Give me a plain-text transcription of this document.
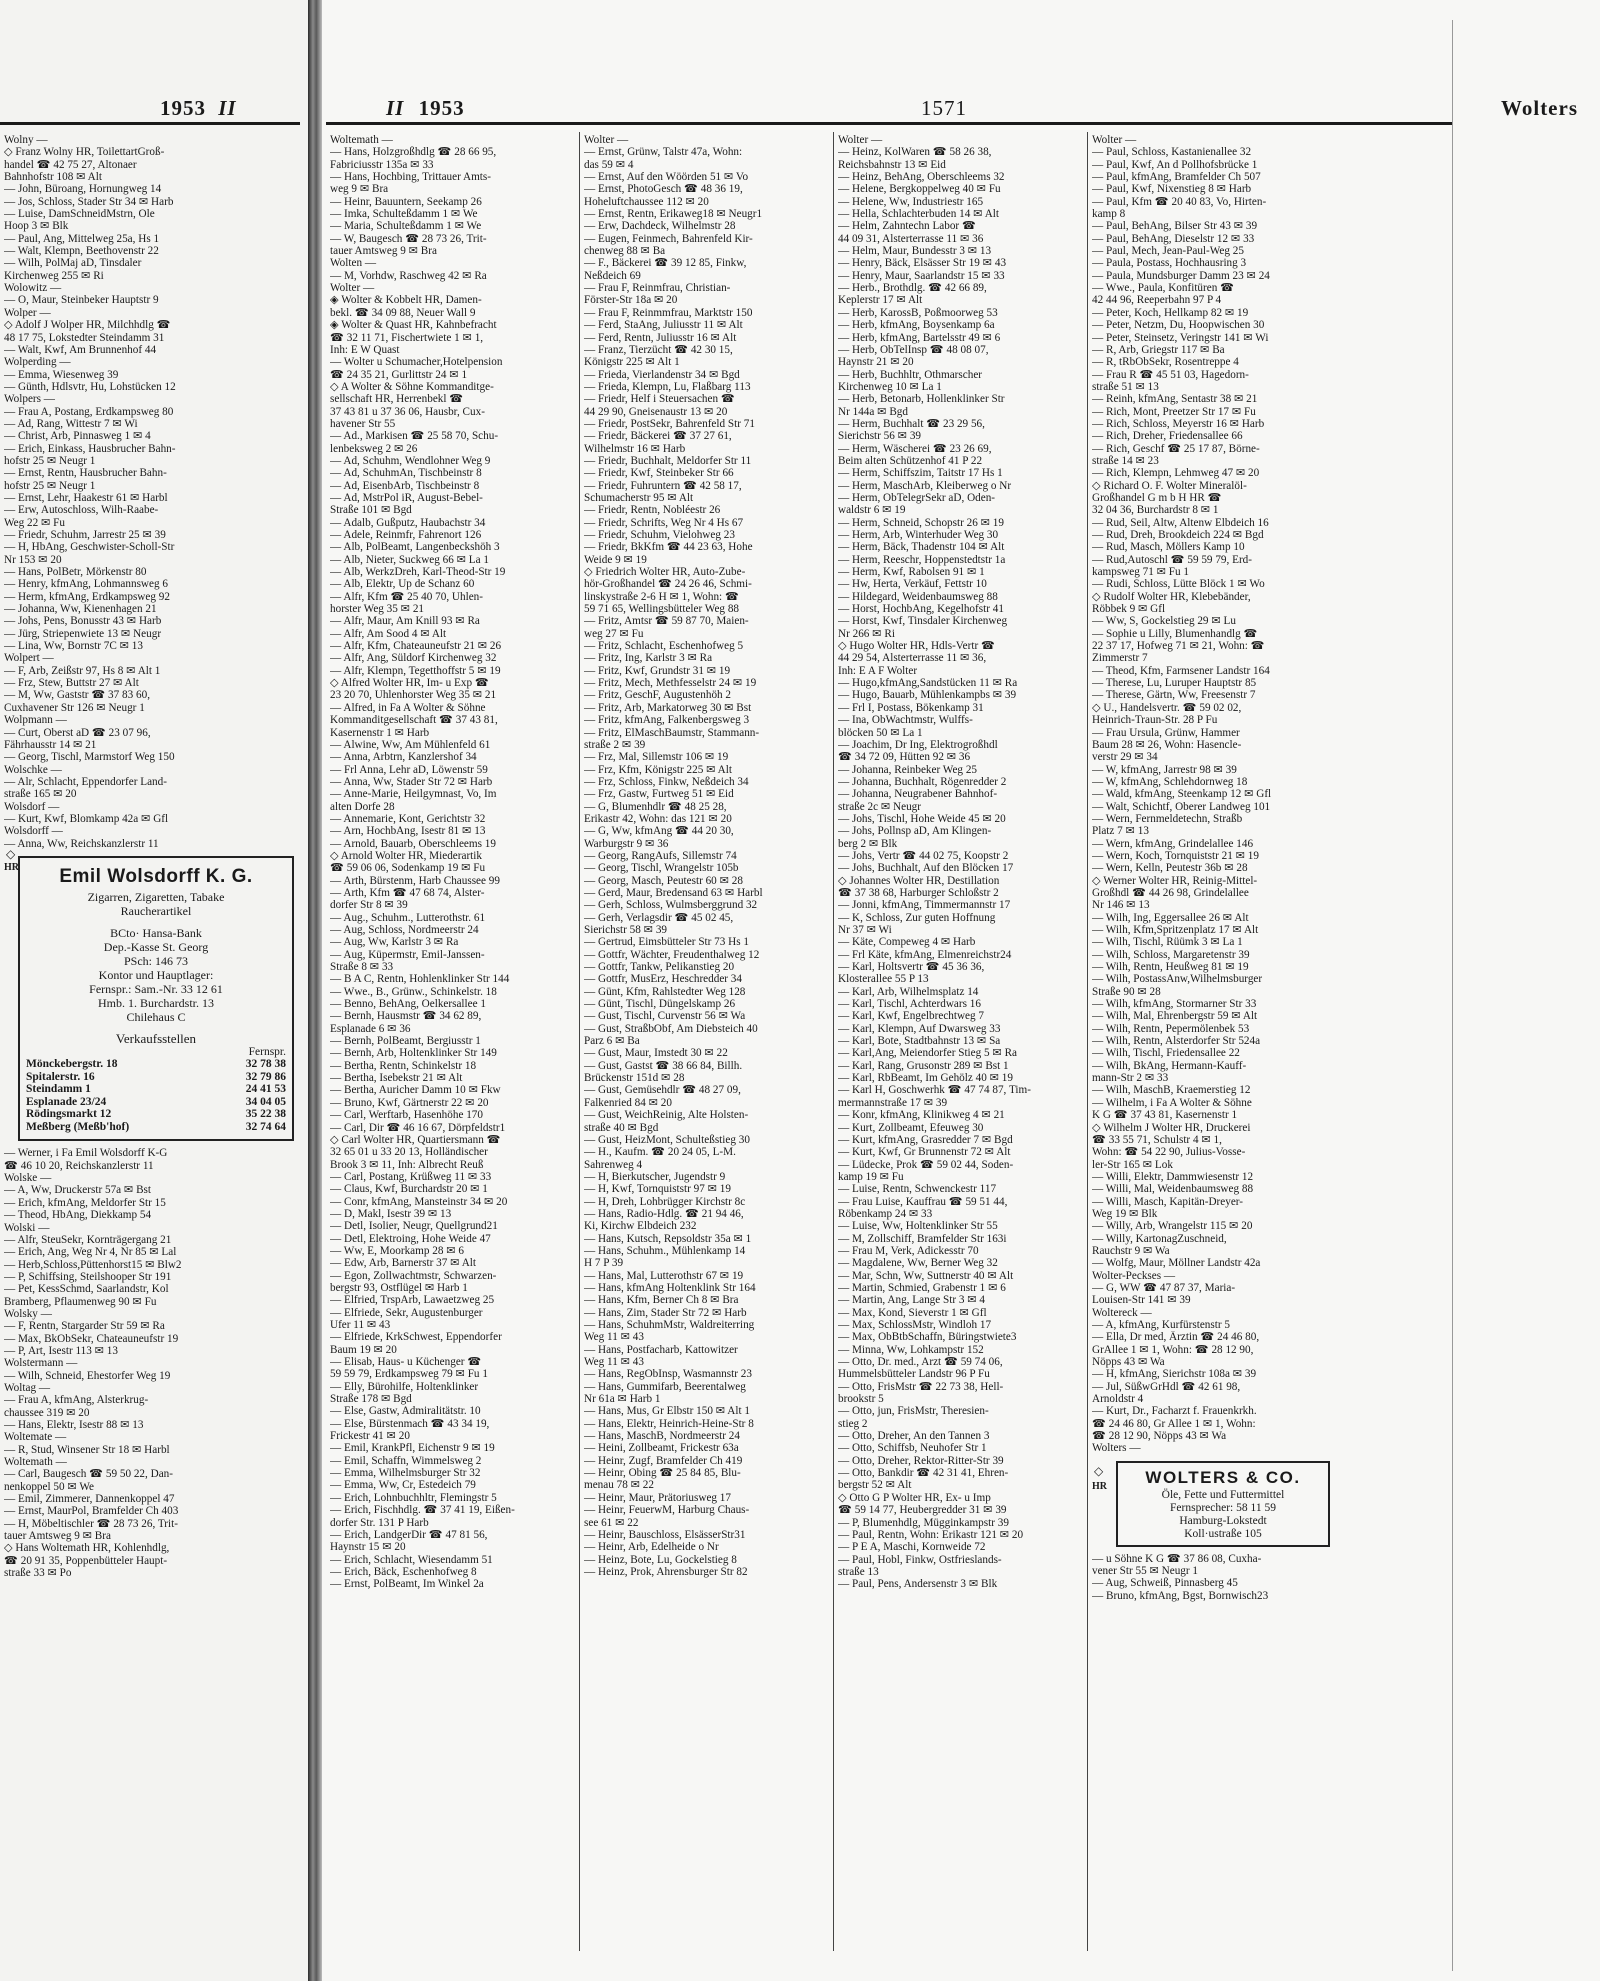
1953 II
Wolny —
◇ Franz Wolny HR, ToilettartGroß-
handel ☎ 42 75 27, Altonaer
Bahnhofstr 108 ✉ Alt
— John, Büroang, Hornungweg 14
— Jos, Schloss, Stader Str 34 ✉ Harb
— Luise, DamSchneidMstrn, Ole
Hoop 3 ✉ Blk
— Paul, Ang, Mittelweg 25a, Hs 1
— Walt, Klempn, Beethovenstr 22
— Wilh, PolMaj aD, Tinsdaler
Kirchenweg 255 ✉ Ri
Wolowitz —
— O, Maur, Steinbeker Hauptstr 9
Wolper —
◇ Adolf J Wolper HR, Milchhdlg ☎
48 17 75, Lokstedter Steindamm 31
— Walt, Kwf, Am Brunnenhof 44
Wolperding —
— Emma, Wiesenweg 39
— Günth, Hdlsvtr, Hu, Lohstücken 12
Wolpers —
— Frau A, Postang, Erdkampsweg 80
— Ad, Rang, Wittestr 7 ✉ Wi
— Christ, Arb, Pinnasweg 1 ✉ 4
— Erich, Einkass, Hausbrucher Bahn-
hofstr 25 ✉ Neugr 1
— Ernst, Rentn, Hausbrucher Bahn-
hofstr 25 ✉ Neugr 1
— Ernst, Lehr, Haakestr 61 ✉ Harbl
— Erw, Autoschloss, Wilh-Raabe-
Weg 22 ✉ Fu
— Friedr, Schuhm, Jarrestr 25 ✉ 39
— H, HbAng, Geschwister-Scholl-Str
Nr 153 ✉ 20
— Hans, PolBetr, Mörkenstr 80
— Henry, kfmAng, Lohmannsweg 6
— Herm, kfmAng, Erdkampsweg 92
— Johanna, Ww, Kienenhagen 21
— Johs, Pens, Bonusstr 43 ✉ Harb
— Jürg, Striepenwiete 13 ✉ Neugr
— Lina, Ww, Bornstr 7C ✉ 13
Wolpert —
— F, Arb, Zeißstr 97, Hs 8 ✉ Alt 1
— Frz, Stew, Buttstr 27 ✉ Alt
— M, Ww, Gaststr ☎ 37 83 60,
Cuxhavener Str 126 ✉ Neugr 1
Wolpmann —
— Curt, Oberst aD ☎ 23 07 96,
Fährhausstr 14 ✉ 21
— Georg, Tischl, Marmstorf Weg 150
Wolschke —
— Alr, Schlacht, Eppendorfer Land-
straße 165 ✉ 20
Wolsdorf —
— Kurt, Kwf, Blomkamp 42a ✉ Gfl
Wolsdorff —
— Anna, Ww, Reichskanzlerstr 11
HR
◇
Emil Wolsdorff K. G.
Zigarren, Zigaretten, Tabake
Raucherartikel
BCto· Hansa-Bank
Dep.-Kasse St. Georg
PSch: 146 73
Kontor und Hauptlager:
Fernspr.: Sam.-Nr. 33 12 61
Hmb. 1. Burchardstr. 13
Chilehaus C
Verkaufsstellen
	Fernspr.
Mönckebergstr. 18	32 78 38
Spitalerstr. 16	32 79 86
Steindamm 1	24 41 53
Esplanade 23/24	34 04 05
Rödingsmarkt 12	35 22 38
Meßberg (Meßb'hof)	32 74 64
— Werner, i Fa Emil Wolsdorff K-G
☎ 46 10 20, Reichskanzlerstr 11
Wolske —
— A, Ww, Druckerstr 57a ✉ Bst
— Erich, kfmAng, Meldorfer Str 15
— Theod, HbAng, Diekkamp 54
Wolski —
— Alfr, SteuSekr, Kornträgergang 21
— Erich, Ang, Weg Nr 4, Nr 85 ✉ Lal
— Herb,Schloss,Püttenhorst15 ✉ Blw2
— P, Schiffsing, Steilshooper Str 191
— Pet, KessSchmd, Saarlandstr, Kol
Bramberg, Pflaumenweg 90 ✉ Fu
Wolsky —
— F, Rentn, Stargarder Str 59 ✉ Ra
— Max, BkObSekr, Chateauneufstr 19
— P, Art, Isestr 113 ✉ 13
Wolstermann —
— Wilh, Schneid, Ehestorfer Weg 19
Woltag —
— Frau A, kfmAng, Alsterkrug-
chaussee 319 ✉ 20
— Hans, Elektr, Isestr 88 ✉ 13
Woltemate —
— R, Stud, Winsener Str 18 ✉ Harbl
Woltemath —
— Carl, Baugesch ☎ 59 50 22, Dan-
nenkoppel 50 ✉ We
— Emil, Zimmerer, Dannenkoppel 47
— Ernst, MaurPol, Bramfelder Ch 403
— H, Möbeltischler ☎ 28 73 26, Trit-
tauer Amtsweg 9 ✉ Bra
◇ Hans Woltemath HR, Kohlenhdlg,
☎ 20 91 35, Poppenbütteler Haupt-
straße 33 ✉ Po
II 1953	1571	Wolters
Woltemath —
— Hans, Holzgroßhdlg ☎ 28 66 95,
Fabriciusstr 135a ✉ 33
— Hans, Hochbing, Trittauer Amts-
weg 9 ✉ Bra
— Heinr, Bauuntern, Seekamp 26
— Imka, Schulteßdamm 1 ✉ We
— Maria, Schulteßdamm 1 ✉ We
— W, Baugesch ☎ 28 73 26, Trit-
tauer Amtsweg 9 ✉ Bra
Wolten —
— M, Vorhdw, Raschweg 42 ✉ Ra
Wolter —
◈ Wolter & Kobbelt HR, Damen-
bekl. ☎ 34 09 88, Neuer Wall 9
◈ Wolter & Quast HR, Kahnbefracht
☎ 32 11 71, Fischertwiete 1 ✉ 1,
Inh: E W Quast
— Wolter u Schumacher,Hotelpension
☎ 24 35 21, Gurlittstr 24 ✉ 1
◇ A Wolter & Söhne Kommanditge-
sellschaft HR, Herrenbekl ☎
37 43 81 u 37 36 06, Hausbr, Cux-
havener Str 55
— Ad., Markisen ☎ 25 58 70, Schu-
lenbeksweg 2 ✉ 26
— Ad, Schuhm, Wendlohner Weg 9
— Ad, SchuhmAn, Tischbeinstr 8
— Ad, EisenbArb, Tischbeinstr 8
— Ad, MstrPol iR, August-Bebel-
Straße 101 ✉ Bgd
— Adalb, Gußputz, Haubachstr 34
— Adele, Reinmfr, Fahrenort 126
— Alb, PolBeamt, Langenbeckshöh 3
— Alb, Nieter, Suckweg 66 ✉ La 1
— Alb, WerkzDreh, Karl-Theod-Str 19
— Alb, Elektr, Up de Schanz 60
— Alfr, Kfm ☎ 25 40 70, Uhlen-
horster Weg 35 ✉ 21
— Alfr, Maur, Am Knill 93 ✉ Ra
— Alfr, Am Sood 4 ✉ Alt
— Alfr, Kfm, Chateauneufstr 21 ✉ 26
— Alfr, Ang, Süldorf Kirchenweg 32
— Alfr, Klempn, Tegetthoffstr 5 ✉ 19
◇ Alfred Wolter HR, Im- u Exp ☎
23 20 70, Uhlenhorster Weg 35 ✉ 21
— Alfred, in Fa A Wolter & Söhne
Kommanditgesellschaft ☎ 37 43 81,
Kasernenstr 1 ✉ Harb
— Alwine, Ww, Am Mühlenfeld 61
— Anna, Arbtrn, Kanzlershof 34
— Frl Anna, Lehr aD, Löwenstr 59
— Anna, Ww, Stader Str 72 ✉ Harb
— Anne-Marie, Heilgymnast, Vo, Im
alten Dorfe 28
— Annemarie, Kont, Gerichtstr 32
— Arn, HochbAng, Isestr 81 ✉ 13
— Arnold, Bauarb, Oberschleems 19
◇ Arnold Wolter HR, Miederartik
☎ 59 06 06, Sodenkamp 19 ✉ Fu
— Arth, Bürstenm, Harb Chaussee 99
— Arth, Kfm ☎ 47 68 74, Alster-
dorfer Str 8 ✉ 39
— Aug., Schuhm., Lutterothstr. 61
— Aug, Schloss, Nordmeerstr 24
— Aug, Ww, Karlstr 3 ✉ Ra
— Aug, Küpermstr, Emil-Janssen-
Straße 8 ✉ 33
— B A C, Rentn, Hohlenklinker Str 144
— Wwe., B., Grünw., Schinkelstr. 18
— Benno, BehAng, Oelkersallee 1
— Bernh, Hausmstr ☎ 34 62 89,
Esplanade 6 ✉ 36
— Bernh, PolBeamt, Bergiusstr 1
— Bernh, Arb, Holtenklinker Str 149
— Bertha, Rentn, Schinkelstr 18
— Bertha, Isebekstr 21 ✉ Alt
— Bertha, Auricher Damm 10 ✉ Fkw
— Bruno, Kwf, Gärtnerstr 22 ✉ 20
— Carl, Werftarb, Hasenhöhe 170
— Carl, Dir ☎ 46 16 67, Dörpfeldstr1
◇ Carl Wolter HR, Quartiersmann ☎
32 65 01 u 33 20 13, Holländischer
Brook 3 ✉ 11, Inh: Albrecht Reuß
— Carl, Postang, Krüßweg 11 ✉ 33
— Claus, Kwf, Burchardstr 20 ✉ 1
— Conr, kfmAng, Mansteinstr 34 ✉ 20
— D, Makl, Isestr 39 ✉ 13
— Detl, Isolier, Neugr, Quellgrund21
— Detl, Elektroing, Hohe Weide 47
— Ww, E, Moorkamp 28 ✉ 6
— Edw, Arb, Barnerstr 37 ✉ Alt
— Egon, Zollwachtmstr, Schwarzen-
bergstr 93, Ostflügel ✉ Harb 1
— Elfried, TrspArb, Lawaetzweg 25
— Elfriede, Sekr, Augustenburger
Ufer 11 ✉ 43
— Elfriede, KrkSchwest, Eppendorfer
Baum 19 ✉ 20
— Elisab, Haus- u Küchenger ☎
59 59 79, Erdkampsweg 79 ✉ Fu 1
— Elly, Bürohilfe, Holtenklinker
Straße 178 ✉ Bgd
— Else, Gastw, Admiralitätstr. 10
— Else, Bürstenmach ☎ 43 34 19,
Frickestr 41 ✉ 20
— Emil, KrankPfl, Eichenstr 9 ✉ 19
— Emil, Schaffn, Wimmelsweg 2
— Emma, Wilhelmsburger Str 32
— Emma, Ww, Cr, Estedeich 79
— Erich, Lohnbuchhltr, Flemingstr 5
— Erich, Fischhdlg. ☎ 37 41 19, Eißen-
dorfer Str. 131 P Harb
— Erich, LandgerDir ☎ 47 81 56,
Haynstr 15 ✉ 20
— Erich, Schlacht, Wiesendamm 51
— Erich, Bäck, Eschenhofweg 8
— Ernst, PolBeamt, Im Winkel 2a
Wolter —
— Ernst, Grünw, Talstr 47a, Wohn:
das 59 ✉ 4
— Ernst, Auf den Wöörden 51 ✉ Vo
— Ernst, PhotoGesch ☎ 48 36 19,
Hoheluftchaussee 112 ✉ 20
— Ernst, Rentn, Erikaweg18 ✉ Neugr1
— Erw, Dachdeck, Wilhelmstr 28
— Eugen, Feinmech, Bahrenfeld Kir-
chenweg 88 ✉ Ba
— F., Bäckerei ☎ 39 12 85, Finkw,
Neßdeich 69
— Frau F, Reinmfrau, Christian-
Förster-Str 18a ✉ 20
— Frau F, Reinmmfrau, Marktstr 150
— Ferd, StaAng, Juliusstr 11 ✉ Alt
— Ferd, Rentn, Juliusstr 16 ✉ Alt
— Franz, Tierzücht ☎ 42 30 15,
Königstr 225 ✉ Alt 1
— Frieda, Vierlandenstr 34 ✉ Bgd
— Frieda, Klempn, Lu, Flaßbarg 113
— Friedr, Helf i Steuersachen ☎
44 29 90, Gneisenaustr 13 ✉ 20
— Friedr, PostSekr, Bahrenfeld Str 71
— Friedr, Bäckerei ☎ 37 27 61,
Wilhelmstr 16 ✉ Harb
— Friedr, Buchhalt, Meldorfer Str 11
— Friedr, Kwf, Steinbeker Str 66
— Friedr, Fuhruntern ☎ 42 58 17,
Schumacherstr 95 ✉ Alt
— Friedr, Rentn, Nobléestr 26
— Friedr, Schrifts, Weg Nr 4 Hs 67
— Friedr, Schuhm, Vielohweg 23
— Friedr, BkKfm ☎ 44 23 63, Hohe
Weide 9 ✉ 19
◇ Friedrich Wolter HR, Auto-Zube-
hör-Großhandel ☎ 24 26 46, Schmi-
linskystraße 2-6 H ✉ 1, Wohn: ☎
59 71 65, Wellingsbütteler Weg 88
— Fritz, Amtsr ☎ 59 87 70, Maien-
weg 27 ✉ Fu
— Fritz, Schlacht, Eschenhofweg 5
— Fritz, Ing, Karlstr 3 ✉ Ra
— Fritz, Kwf, Grundstr 31 ✉ 19
— Fritz, Mech, Methfesselstr 24 ✉ 19
— Fritz, GeschF, Augustenhöh 2
— Fritz, Arb, Markatorweg 30 ✉ Bst
— Fritz, kfmAng, Falkenbergsweg 3
— Fritz, ElMaschBaumstr, Stammann-
straße 2 ✉ 39
— Frz, Mal, Sillemstr 106 ✉ 19
— Frz, Kfm, Königstr 225 ✉ Alt
— Frz, Schloss, Finkw, Neßdeich 34
— Frz, Gastw, Furtweg 51 ✉ Eid
— G, Blumenhdlr ☎ 48 25 28,
Erikastr 42, Wohn: das 121 ✉ 20
— G, Ww, kfmAng ☎ 44 20 30,
Warburgstr 9 ✉ 36
— Georg, RangAufs, Sillemstr 74
— Georg, Tischl, Wrangelstr 105b
— Georg, Masch, Peutestr 60 ✉ 28
— Gerd, Maur, Bredensand 63 ✉ Harbl
— Gerh, Schloss, Wulmsberggrund 32
— Gerh, Verlagsdir ☎ 45 02 45,
Sierichstr 58 ✉ 39
— Gertrud, Eimsbütteler Str 73 Hs 1
— Gottfr, Wächter, Freudenthalweg 12
— Gottfr, Tankw, Pelikanstieg 20
— Gottfr, MusErz, Heschredder 34
— Günt, Kfm, Rahlstedter Weg 128
— Günt, Tischl, Düngelskamp 26
— Gust, Tischl, Curvenstr 56 ✉ Wa
— Gust, StraßbObf, Am Diebsteich 40
Parz 6 ✉ Ba
— Gust, Maur, Imstedt 30 ✉ 22
— Gust, Gastst ☎ 38 66 84, Billh.
Brückenstr 151d ✉ 28
— Gust, Gemüsehdlr ☎ 48 27 09,
Falkenried 84 ✉ 20
— Gust, WeichReinig, Alte Holsten-
straße 40 ✉ Bgd
— Gust, HeizMont, Schulteßstieg 30
— H., Kaufm. ☎ 20 24 05, L-M.
Sahrenweg 4
— H, Bierkutscher, Jugendstr 9
— H, Kwf, Tornquiststr 97 ✉ 19
— H, Dreh, Lohbrügger Kirchstr 8c
— Hans, Radio-Hdlg. ☎ 21 94 46,
Ki, Kirchw Elbdeich 232
— Hans, Kutsch, Repsoldstr 35a ✉ 1
— Hans, Schuhm., Mühlenkamp 14
H 7 P 39
— Hans, Mal, Lutterothstr 67 ✉ 19
— Hans, kfmAng Holtenklink Str 164
— Hans, Kfm, Berner Ch 8 ✉ Bra
— Hans, Zim, Stader Str 72 ✉ Harb
— Hans, SchuhmMstr, Waldreiterring
Weg 11 ✉ 43
— Hans, Postfacharb, Kattowitzer
Weg 11 ✉ 43
— Hans, RegObInsp, Wasmannstr 23
— Hans, Gummifarb, Beerentalweg
Nr 61a ✉ Harb 1
— Hans, Mus, Gr Elbstr 150 ✉ Alt 1
— Hans, Elektr, Heinrich-Heine-Str 8
— Hans, MaschB, Nordmeerstr 24
— Heini, Zollbeamt, Frickestr 63a
— Heinr, Zugf, Bramfelder Ch 419
— Heinr, Obing ☎ 25 84 85, Blu-
menau 78 ✉ 22
— Heinr, Maur, Prätoriusweg 17
— Heinr, FeuerwM, Harburg Chaus-
see 61 ✉ 22
— Heinr, Bauschloss, ElsässerStr31
— Heinr, Arb, Edelheide o Nr
— Heinz, Bote, Lu, Gockelstieg 8
— Heinz, Prok, Ahrensburger Str 82
Wolter —
— Heinz, KolWaren ☎ 58 26 38,
Reichsbahnstr 13 ✉ Eid
— Heinz, BehAng, Oberschleems 32
— Helene, Bergkoppelweg 40 ✉ Fu
— Helene, Ww, Industriestr 165
— Hella, Schlachterbuden 14 ✉ Alt
— Helm, Zahntechn Labor ☎
44 09 31, Alsterterrasse 11 ✉ 36
— Helm, Maur, Bundesstr 3 ✉ 13
— Henry, Bäck, Elsässer Str 19 ✉ 43
— Henry, Maur, Saarlandstr 15 ✉ 33
— Herb., Brothdlg. ☎ 42 66 89,
Keplerstr 17 ✉ Alt
— Herb, KarossB, Poßmoorweg 53
— Herb, kfmAng, Boysenkamp 6a
— Herb, kfmAng, Bartelsstr 49 ✉ 6
— Herb, ObTelInsp ☎ 48 08 07,
Haynstr 21 ✉ 20
— Herb, Buchhltr, Othmarscher
Kirchenweg 10 ✉ La 1
— Herb, Betonarb, Hollenklinker Str
Nr 144a ✉ Bgd
— Herm, Buchhalt ☎ 23 29 56,
Sierichstr 56 ✉ 39
— Herm, Wäscherei ☎ 23 26 69,
Beim alten Schützenhof 41 P 22
— Herm, Schiffszim, Taitstr 17 Hs 1
— Herm, MaschArb, Kleiberweg o Nr
— Herm, ObTelegrSekr aD, Oden-
waldstr 6 ✉ 19
— Herm, Schneid, Schopstr 26 ✉ 19
— Herm, Arb, Winterhuder Weg 30
— Herm, Bäck, Thadenstr 104 ✉ Alt
— Herm, Reeschr, Hoppenstedtstr 1a
— Herm, Kwf, Rabolsen 91 ✉ 1
— Hw, Herta, Verkäuf, Fettstr 10
— Hildegard, Weidenbaumsweg 88
— Horst, HochbAng, Kegelhofstr 41
— Horst, Kwf, Tinsdaler Kirchenweg
Nr 266 ✉ Ri
◇ Hugo Wolter HR, Hdls-Vertr ☎
44 29 54, Alsterterrasse 11 ✉ 36,
Inh: E A F Wolter
— Hugo,kfmAng,Sandstücken 11 ✉ Ra
— Hugo, Bauarb, Mühlenkampbs ✉ 39
— Frl I, Postass, Bökenkamp 31
— Ina, ObWachtmstr, Wulffs-
blöcken 50 ✉ La 1
— Joachim, Dr Ing, Elektrogroßhdl
☎ 34 72 09, Hütten 92 ✉ 36
— Johanna, Reinbeker Weg 25
— Johanna, Buchhalt, Rögenredder 2
— Johanna, Neugrabener Bahnhof-
straße 2c ✉ Neugr
— Johs, Tischl, Hohe Weide 45 ✉ 20
— Johs, Pollnsp aD, Am Klingen-
berg 2 ✉ Blk
— Johs, Vertr ☎ 44 02 75, Koopstr 2
— Johs, Buchhalt, Auf den Blöcken 17
◇ Johannes Wolter HR, Destillation
☎ 37 38 68, Harburger Schloßstr 2
— Jonni, kfmAng, Timmermannstr 17
— K, Schloss, Zur guten Hoffnung
Nr 37 ✉ Wi
— Käte, Compeweg 4 ✉ Harb
— Frl Käte, kfmAng, Elmenreichstr24
— Karl, Holtsvertr ☎ 45 36 36,
Klosterallee 55 P 13
— Karl, Arb, Wilhelmsplatz 14
— Karl, Tischl, Achterdwars 16
— Karl, Kwf, Engelbrechtweg 7
— Karl, Klempn, Auf Dwarsweg 33
— Karl, Bote, Stadtbahnstr 13 ✉ Sa
— Karl,Ang, Meiendorfer Stieg 5 ✉ Ra
— Karl, Rang, Grusonstr 289 ✉ Bst 1
— Karl, RbBeamt, Im Gehölz 40 ✉ 19
— Karl H, Goschwerhk ☎ 47 74 87, Tim-
mermannstraße 17 ✉ 39
— Konr, kfmAng, Klinikweg 4 ✉ 21
— Kurt, Zollbeamt, Efeuweg 30
— Kurt, kfmAng, Grasredder 7 ✉ Bgd
— Kurt, Kwf, Gr Brunnenstr 72 ✉ Alt
— Lüdecke, Prok ☎ 59 02 44, Soden-
kamp 19 ✉ Fu
— Luise, Rentn, Schwenckestr 117
— Frau Luise, Kauffrau ☎ 59 51 44,
Röbenkamp 24 ✉ 33
— Luise, Ww, Holtenklinker Str 55
— M, Zollschiff, Bramfelder Str 163i
— Frau M, Verk, Adickesstr 70
— Magdalene, Ww, Berner Weg 32
— Mar, Schn, Ww, Suttnerstr 40 ✉ Alt
— Martin, Schmied, Grabenstr 1 ✉ 6
— Martin, Ang, Lange Str 3 ✉ 4
— Max, Kond, Sieverstr 1 ✉ Gfl
— Max, SchlossMstr, Windloh 17
— Max, ObBtbSchaffn, Büringstwiete3
— Minna, Ww, Lohkampstr 152
— Otto, Dr. med., Arzt ☎ 59 74 06,
Hummelsbütteler Landstr 96 P Fu
— Otto, FrisMstr ☎ 22 73 38, Hell-
brookstr 5
— Otto, jun, FrisMstr, Theresien-
stieg 2
— Otto, Dreher, An den Tannen 3
— Otto, Schiffsb, Neuhofer Str 1
— Otto, Dreher, Rektor-Ritter-Str 39
— Otto, Bankdir ☎ 42 31 41, Ehren-
bergstr 52 ✉ Alt
◇ Otto G P Wolter HR, Ex- u Imp
☎ 59 14 77, Heubergredder 31 ✉ 39
— P, Blumenhdlg, Mügginkampstr 39
— Paul, Rentn, Wohn: Erikastr 121 ✉ 20
— P E A, Maschi, Kornweide 72
— Paul, Hobl, Finkw, Ostfrieslands-
straße 13
— Paul, Pens, Andersenstr 3 ✉ Blk
Wolter —
— Paul, Schloss, Kastanienallee 32
— Paul, Kwf, An d Pollhofsbrücke 1
— Paul, kfmAng, Bramfelder Ch 507
— Paul, Kwf, Nixenstieg 8 ✉ Harb
— Paul, Kfm ☎ 20 40 83, Vo, Hirten-
kamp 8
— Paul, BehAng, Bilser Str 43 ✉ 39
— Paul, BehAng, Dieselstr 12 ✉ 33
— Paul, Mech, Jean-Paul-Weg 25
— Paula, Postass, Hochhausring 3
— Paula, Mundsburger Damm 23 ✉ 24
— Wwe., Paula, Konfitüren ☎
42 44 96, Reeperbahn 97 P 4
— Peter, Koch, Hellkamp 82 ✉ 19
— Peter, Netzm, Du, Hoopwischen 30
— Peter, Steinsetz, Veringstr 141 ✉ Wi
— R, Arb, Griegstr 117 ✉ Ba
— R, tRbObSekr, Rosentreppe 4
— Frau R ☎ 45 51 03, Hagedorn-
straße 51 ✉ 13
— Reinh, kfmAng, Sentastr 38 ✉ 21
— Rich, Mont, Preetzer Str 17 ✉ Fu
— Rich, Schloss, Meyerstr 16 ✉ Harb
— Rich, Dreher, Friedensallee 66
— Rich, Geschf ☎ 25 17 87, Börne-
straße 14 ✉ 23
— Rich, Klempn, Lehmweg 47 ✉ 20
◇ Richard O. F. Wolter Mineralöl-
Großhandel G m b H HR ☎
32 04 36, Burchardstr 8 ✉ 1
— Rud, Seil, Altw, Altenw Elbdeich 16
— Rud, Dreh, Brookdeich 224 ✉ Bgd
— Rud, Masch, Möllers Kamp 10
— Rud,Autoschl ☎ 59 59 79, Erd-
kampsweg 71 ✉ Fu 1
— Rudi, Schloss, Lütte Blöck 1 ✉ Wo
◇ Rudolf Wolter HR, Klebebänder,
Röbbek 9 ✉ Gfl
— Ww, S, Gockelstieg 29 ✉ Lu
— Sophie u Lilly, Blumenhandlg ☎
22 37 17, Hofweg 71 ✉ 21, Wohn: ☎
Zimmerstr 7
— Theod, Kfm, Farmsener Landstr 164
— Therese, Lu, Luruper Hauptstr 85
— Therese, Gärtn, Ww, Freesenstr 7
◇ U., Handelsvertr. ☎ 59 02 02,
Heinrich-Traun-Str. 28 P Fu
— Frau Ursula, Grünw, Hammer
Baum 28 ✉ 26, Wohn: Hasencle-
verstr 29 ✉ 34
— W, kfmAng, Jarrestr 98 ✉ 39
— W, kfmAng, Schlehdornweg 18
— Wald, kfmAng, Steenkamp 12 ✉ Gfl
— Walt, Schichtf, Oberer Landweg 101
— Wern, Fernmeldetechn, Straßb
Platz 7 ✉ 13
— Wern, kfmAng, Grindelallee 146
— Wern, Koch, Tornquiststr 21 ✉ 19
— Wern, Kelln, Peutestr 36b ✉ 28
◇ Werner Wolter HR, Reinig-Mittel-
Großhdl ☎ 44 26 98, Grindelallee
Nr 146 ✉ 13
— Wilh, Ing, Eggersallee 26 ✉ Alt
— Wilh, Kfm,Spritzenplatz 17 ✉ Alt
— Wilh, Tischl, Rüümk 3 ✉ La 1
— Wilh, Schloss, Margaretenstr 39
— Wilh, Rentn, Heußweg 81 ✉ 19
— Wilh, PostassAnw,Wilhelmsburger
Straße 90 ✉ 28
— Wilh, kfmAng, Stormarner Str 33
— Wilh, Mal, Ehrenbergstr 59 ✉ Alt
— Wilh, Rentn, Pepermölenbek 53
— Wilh, Rentn, Alsterdorfer Str 524a
— Wilh, Tischl, Friedensallee 22
— Wilh, BkAng, Hermann-Kauff-
mann-Str 2 ✉ 33
— Wilh, MaschB, Kraemerstieg 12
— Wilhelm, i Fa A Wolter & Söhne
K G ☎ 37 43 81, Kasernenstr 1
◇ Wilhelm J Wolter HR, Druckerei
☎ 33 55 71, Schulstr 4 ✉ 1,
Wohn: ☎ 54 22 90, Julius-Vosse-
ler-Str 165 ✉ Lok
— Willi, Elektr, Dammwiesenstr 12
— Willi, Mal, Weidenbaumsweg 88
— Willi, Masch, Kapitän-Dreyer-
Weg 19 ✉ Blk
— Willy, Arb, Wrangelstr 115 ✉ 20
— Willy, KartonagZuschneid,
Rauchstr 9 ✉ Wa
— Wolfg, Maur, Möllner Landstr 42a
Wolter-Peckses —
— G, WW ☎ 47 87 37, Maria-
Louisen-Str 141 ✉ 39
Woltereck —
— A, kfmAng, Kurfürstenstr 5
— Ella, Dr med, Ärztin ☎ 24 46 80,
GrAllee 1 ✉ 1, Wohn: ☎ 28 12 90,
Nöpps 43 ✉ Wa
— H, kfmAng, Sierichstr 108a ✉ 39
— Jul, SüßwGrHdl ☎ 42 61 98,
Arnoldstr 4
— Kurt, Dr., Facharzt f. Frauenkrkh.
☎ 24 46 80, Gr Allee 1 ✉ 1, Wohn:
☎ 28 12 90, Nöpps 43 ✉ Wa
Wolters —
◇
HR	WOLTERS & CO.
Öle, Fette und Futtermittel
Fernsprecher: 58 11 59
Hamburg-Lokstedt
Koll·ustraße 105
— u Söhne K G ☎ 37 86 08, Cuxha-
vener Str 55 ✉ Neugr 1
— Aug, Schweiß, Pinnasberg 45
— Bruno, kfmAng, Bgst, Bornwisch23
